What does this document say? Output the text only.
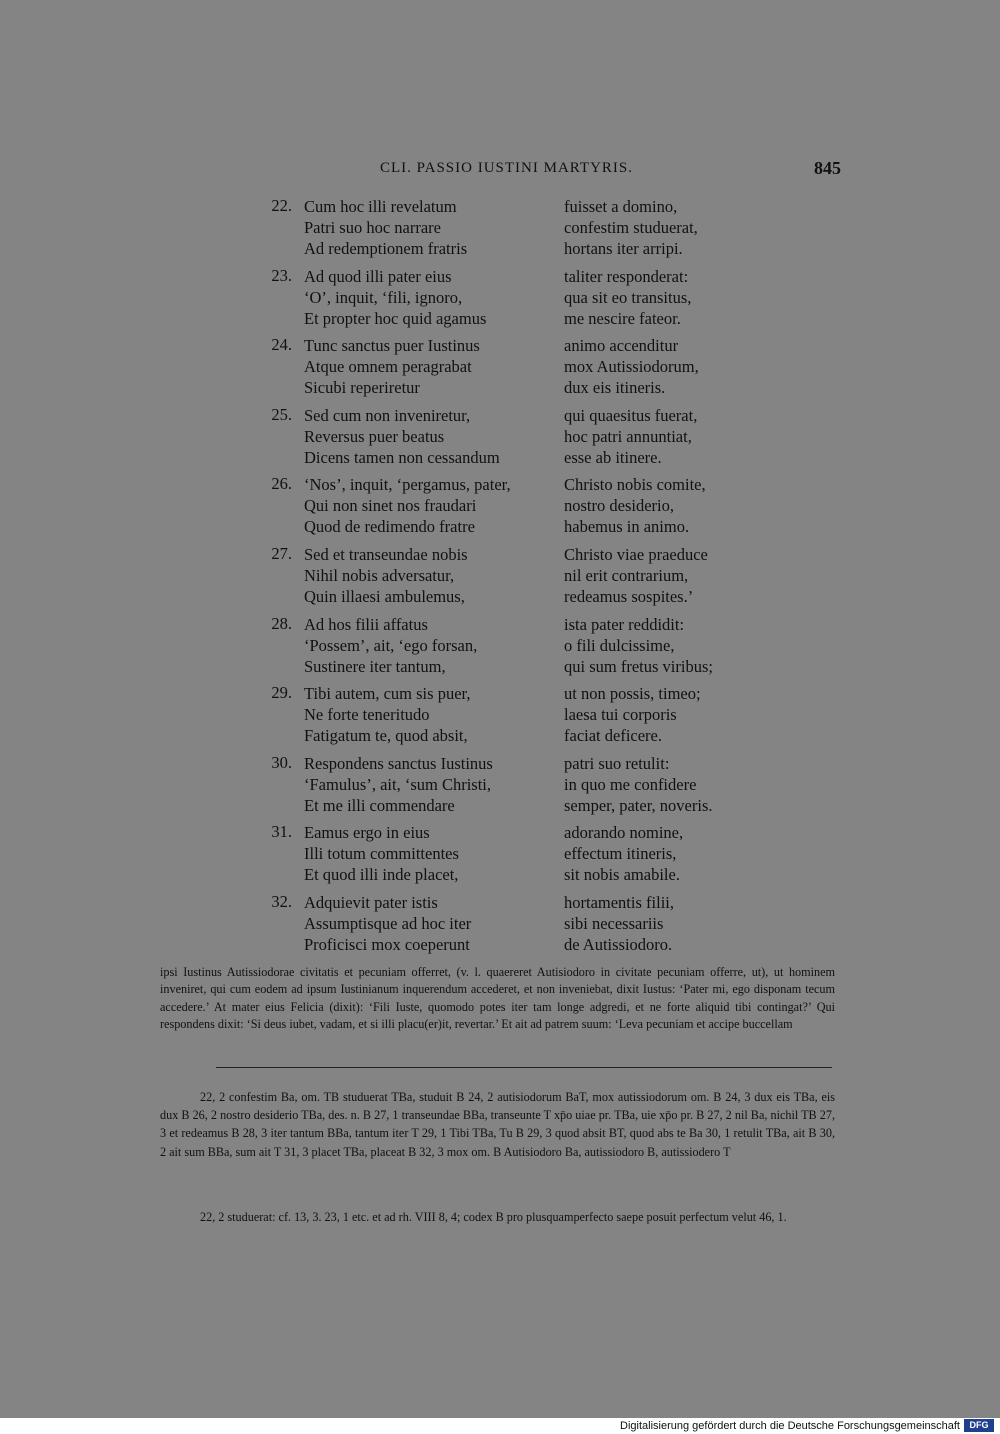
CLI. PASSIO IUSTINI MARTYRIS.	845
22. Cum hoc illi revelatum
Patri suo hoc narrare
Ad redemptionem fratris
fuisset a domino,
confestim studuerat,
hortans iter arripi.
23. Ad quod illi pater eius
‘O’, inquit, ‘fili, ignoro,
Et propter hoc quid agamus
taliter responderat:
qua sit eo transitus,
me nescire fateor.
24. Tunc sanctus puer Iustinus
Atque omnem peragrabat
Sicubi reperiretur
animo accenditur
mox Autissiodorum,
dux eis itineris.
25. Sed cum non inveniretur,
Reversus puer beatus
Dicens tamen non cessandum
qui quaesitus fuerat,
hoc patri annuntiat,
esse ab itinere.
26. ‘Nos’, inquit, ‘pergamus, pater,
Qui non sinet nos fraudari
Quod de redimendo fratre
Christo nobis comite,
nostro desiderio,
habemus in animo.
27. Sed et transeundae nobis
Nihil nobis adversatur,
Quin illaesi ambulemus,
Christo viae praeduce
nil erit contrarium,
redeamus sospites.’
28. Ad hos filii affatus
‘Possem’, ait, ‘ego forsan,
Sustinere iter tantum,
ista pater reddidit:
o fili dulcissime,
qui sum fretus viribus;
29. Tibi autem, cum sis puer,
Ne forte teneritudo
Fatigatum te, quod absit,
ut non possis, timeo;
laesa tui corporis
faciat deficere.
30. Respondens sanctus Iustinus
‘Famulus’, ait, ‘sum Christi,
Et me illi commendare
patri suo retulit:
in quo me confidere
semper, pater, noveris.
31. Eamus ergo in eius
Illi totum committentes
Et quod illi inde placet,
adorando nomine,
effectum itineris,
sit nobis amabile.
32. Adquievit pater istis
Assumptisque ad hoc iter
Proficisci mox coeperunt
hortamentis filii,
sibi necessariis
de Autissiodoro.
ipsi Iustinus Autissiodorae civitatis et pecuniam offerret, (v. l. quaereret Autisiodoro in civitate pecuniam offerre, ut), ut hominem inveniret, qui cum eodem ad ipsum Iustinianum inquerendum accederet, et non inveniebat, dixit Iustus: ‘Pater mi, ego disponam tecum accedere.’ At mater eius Felicia (dixit): ‘Fili Iuste, quomodo potes iter tam longe adgredi, et ne forte aliquid tibi contingat?’ Qui respondens dixit: ‘Si deus iubet, vadam, et si illi placu(er)it, revertar.’ Et ait ad patrem suum: ‘Leva pecuniam et accipe buccellam
22, 2 confestim Ba, om. TB studuerat TBa, studuit B 24, 2 autisiodorum BaT, mox autissiodorum om. B 24, 3 dux eis TBa, eis dux B 26, 2 nostro desiderio TBa, des. n. B 27, 1 transeundae BBa, transeunte T xp̄o uiae pr. TBa, uie xp̄o pr. B 27, 2 nil Ba, nichil TB 27, 3 et redeamus B 28, 3 iter tantum BBa, tantum iter T 29, 1 Tibi TBa, Tu B 29, 3 quod absit BT, quod abs te Ba 30, 1 retulit TBa, ait B 30, 2 ait sum BBa, sum ait T 31, 3 placet TBa, placeat B 32, 3 mox om. B Autisiodoro Ba, autissiodoro B, autissiodero T
22, 2 studuerat: cf. 13, 3. 23, 1 etc. et ad rh. VIII 8, 4; codex B pro plusquamperfecto saepe posuit perfectum velut 46, 1.
Digitalisierung gefördert durch die Deutsche Forschungsgemeinschaft	DFG
